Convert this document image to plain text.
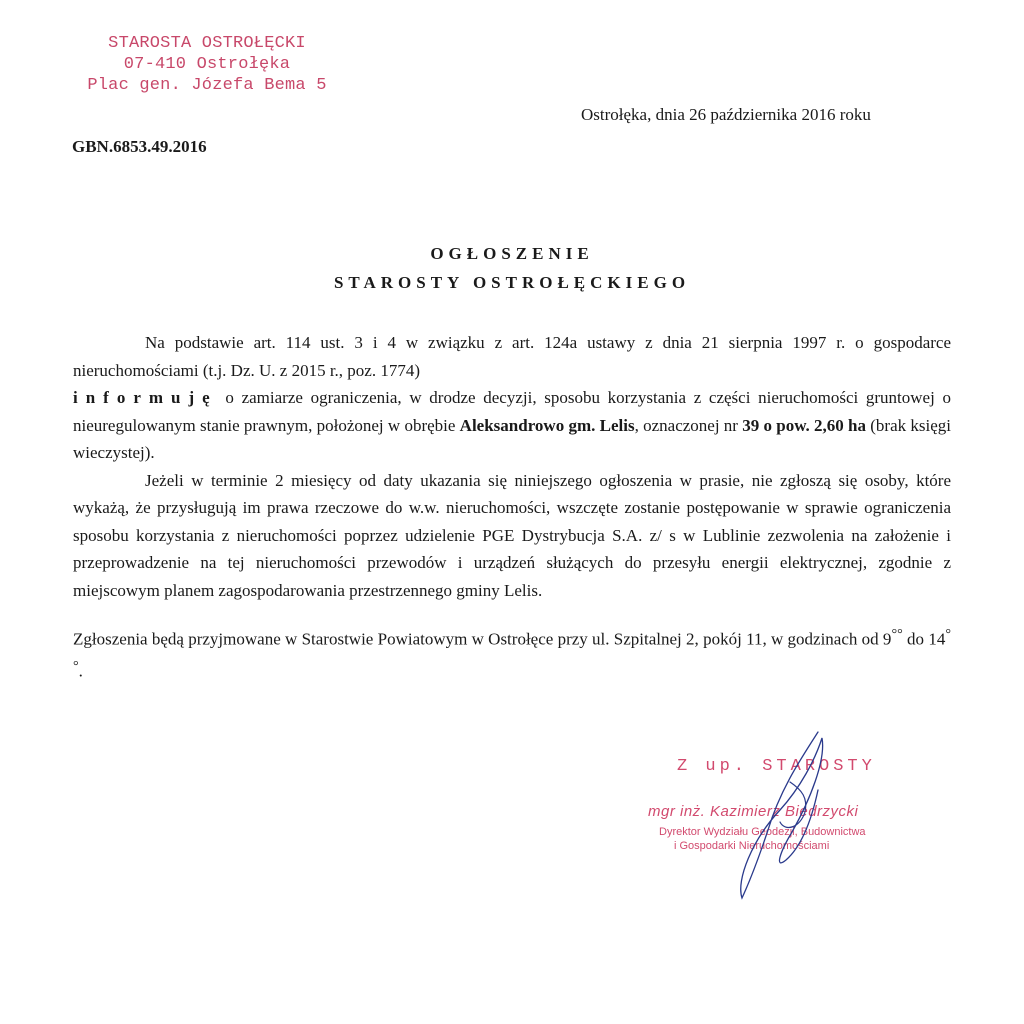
STAROSTA OSTROŁĘCKI
07-410 Ostrołęka
Plac gen. Józefa Bema 5
Ostrołęka, dnia 26 października 2016 roku
GBN.6853.49.2016
OGŁOSZENIE
STAROSTY OSTROŁĘCKIEGO

Na podstawie art. 114 ust. 3 i 4 w związku z art. 124a ustawy z dnia 21 sierpnia 1997 r. o gospodarce nieruchomościami (t.j. Dz. U. z 2015 r., poz. 1774)

informuję o zamiarze ograniczenia, w drodze decyzji, sposobu korzystania z części nieruchomości gruntowej o nieuregulowanym stanie prawnym, położonej w obrębie Aleksandrowo gm. Lelis, oznaczonej nr 39 o pow. 2,60 ha (brak księgi wieczystej).

Jeżeli w terminie 2 miesięcy od daty ukazania się niniejszego ogłoszenia w prasie, nie zgłoszą się osoby, które wykażą, że przysługują im prawa rzeczowe do w.w. nieruchomości, wszczęte zostanie postępowanie w sprawie ograniczenia sposobu korzystania z nieruchomości poprzez udzielenie PGE Dystrybucja S.A. z/ s w Lublinie zezwolenia na założenie i przeprowadzenie na tej nieruchomości przewodów i urządzeń służących do przesyłu energii elektrycznej, zgodnie z miejscowym planem zagospodarowania przestrzennego gminy Lelis.

Zgłoszenia będą przyjmowane w Starostwie Powiatowym w Ostrołęce przy ul. Szpitalnej 2, pokój 11, w godzinach od 9°° do 14°°.

Z up. STAROSTY
mgr inż. Kazimierz Biedrzycki
Dyrektor Wydziału Geodezji, Budownictwa
i Gospodarki Nieruchomościami
